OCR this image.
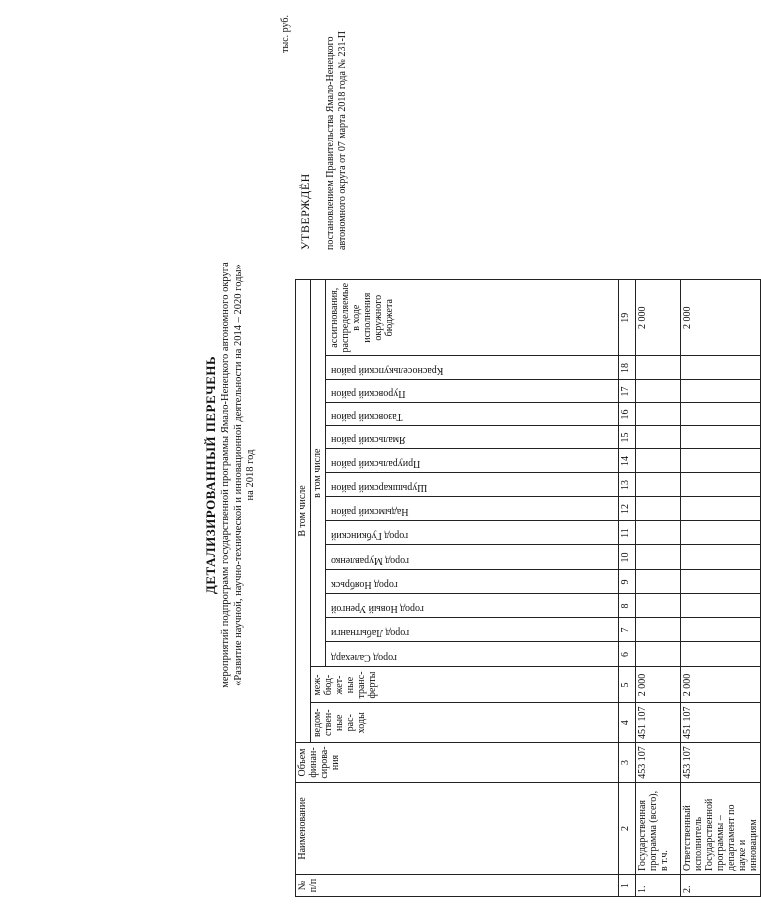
УТВЕРЖДЁН постановлением Правительства Ямало-Ненецкого автономного округа от 07 марта 2018 года № 231-П
ДЕТАЛИЗИРОВАННЫЙ ПЕРЕЧЕНЬ мероприятий подпрограмм государственной программы Ямало-Ненецкого автономного округа «Развитие научной, научно-технической и инновационной деятельности на 2014 – 2020 годы» на 2018 год
тыс. руб.
№ п/п	Наименование	Объем финан- сирова- ния	В том числе															

			ведом- ствен- ные рас- ходы	меж- бюд- жет- ные транс- ферты	в том числе													

					город Салехард	город Лабытнанги	город Новый Уренгой	город Ноябрьск	город Муравленко	город Губкинский	Надымский район	Шурышкарский район	Приуральский район	Ямальский район	Тазовский район	Пуровский район	Красноселькупский район	ассигнования, распределяемые в ходе исполнения окружного бюджета

1	2	3	4	5	6	7	8	9	10	11	12	13	14	15	16	17	18	19
1.	Государственная программа (всего), в т.ч.	453 107	451 107	2 000														2 000
2.	Ответственный исполнитель Государственной программы – департамент по науке и инновациям	453 107	451 107	2 000														2 000
